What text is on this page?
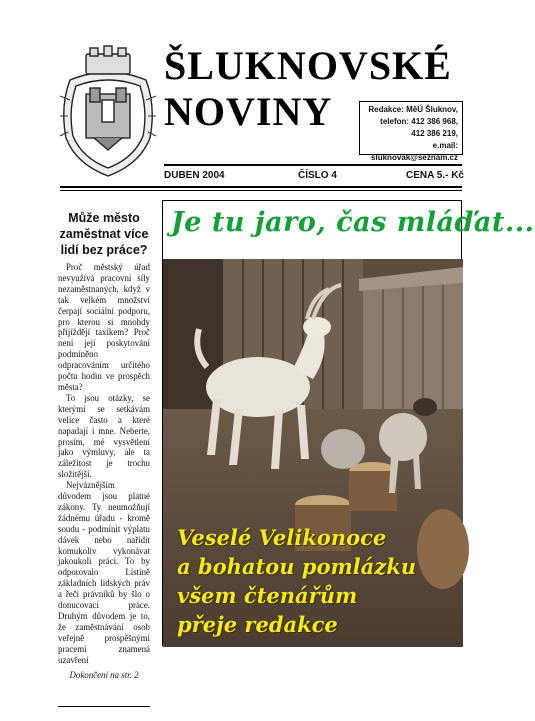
ŠLUKNOVSKÉ
NOVINY	Redakce: MěÚ Šluknov,
telefon: 412 386 968,
412 386 219,
e.mail: sluknovak@seznam.cz
DUBEN 2004	ČÍSLO 4	CENA 5.- Kč
Může město zaměstnat více lidí bez práce?

Proč městský úřad nevyužívá pracovní síly nezaměstnaných, když v tak velkém množství čerpají sociální podporu, pro kterou si mnohdy přijíždějí taxíkem? Proč není její poskytování podmíněno odpracováním určitého počtu hodin ve prospěch města?

To jsou otázky, se kterými se setkávám velice často a které napadají i mne. Neberte, prosím, mé vysvětlení jako výmluvy, ale ta záležitost je trochu složitější.

Nejváznějším důvodem jsou platné zákony. Ty neumožňují žádnému úřadu - kromě soudu - podmínit výplatu dávek nebo nařídit komukoliv vykonávat jakoukoli práci. To by odporovalo Listině základních lidských práv a řeči právníků by šlo o donucovací práce. Druhým důvodem je to, že zaměstnávání osob veřejně prospěšnými pracemi znamená uzavření

Dokončení na str. 2
Je tu jaro, čas mláďat...
Veselé Velikonoce
a bohatou pomlázku
všem čtenářům
přeje redakce
